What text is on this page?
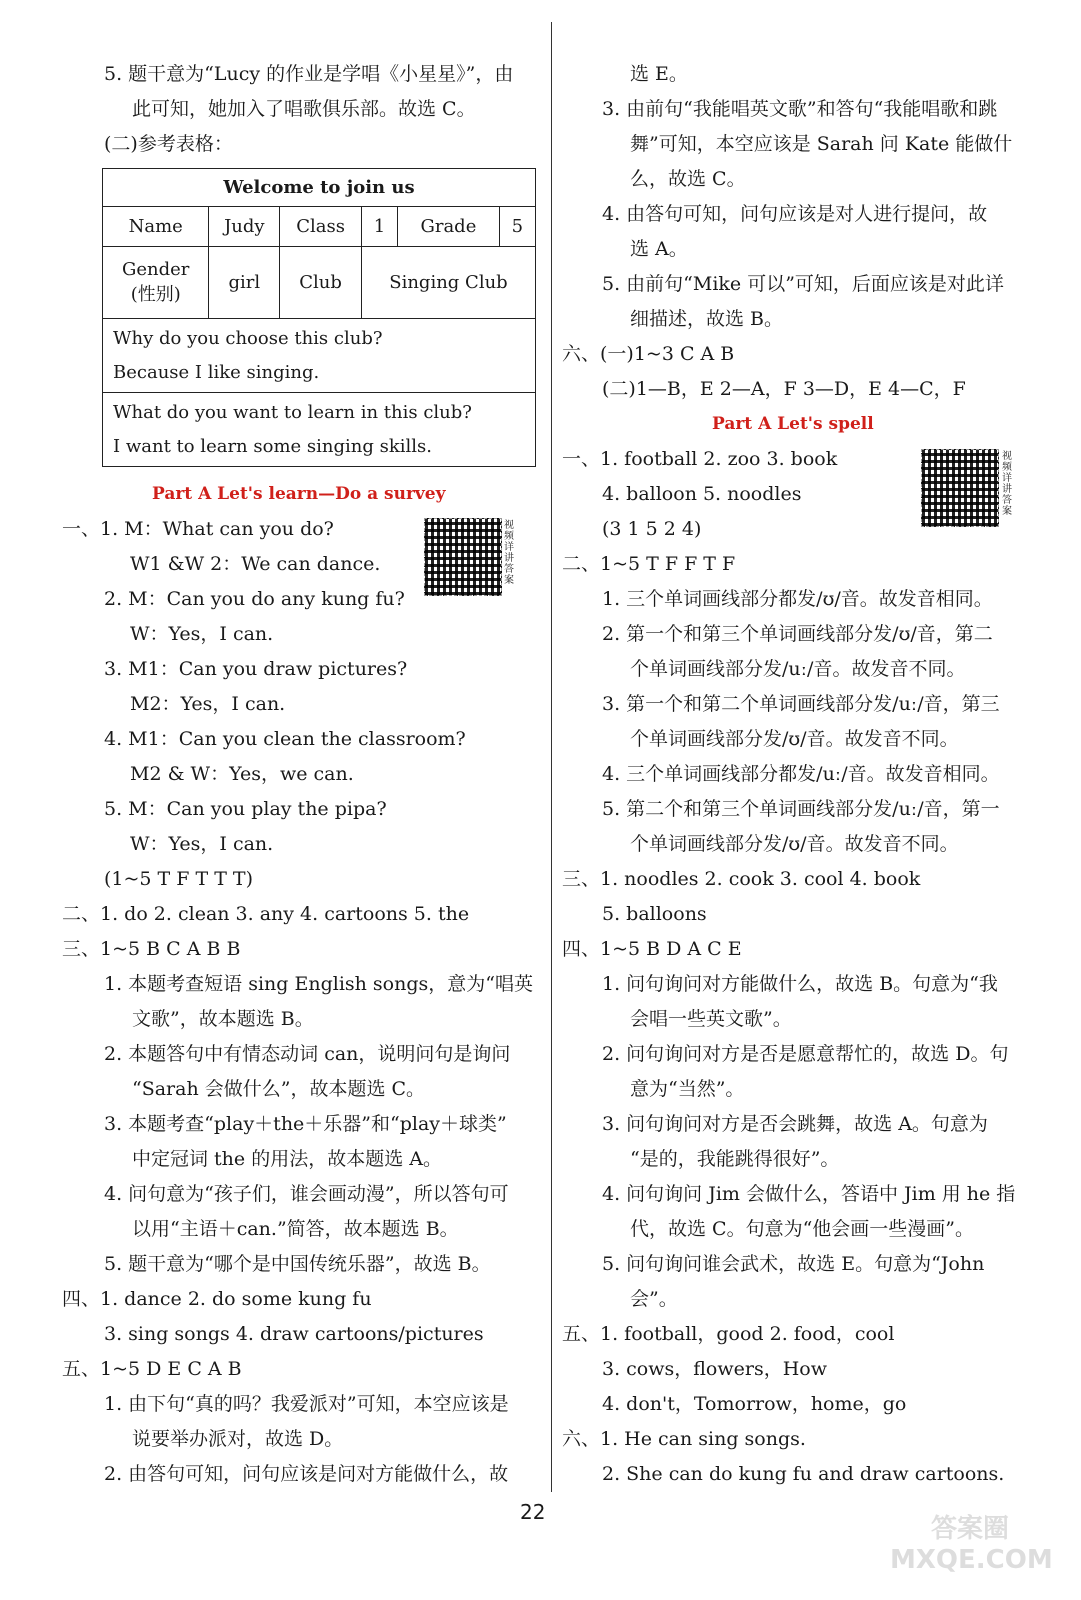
5. 题干意为“Lucy 的作业是学唱《小星星》”，由
此可知，她加入了唱歌俱乐部。故选 C。
(二)参考表格：
Part A Let's learn—Do a survey
一、1. M：What can you do?
W1 &W 2：We can dance.
2. M：Can you do any kung fu?
W：Yes，I can.
3. M1：Can you draw pictures?
M2：Yes，I can.
4. M1：Can you clean the classroom?
M2 & W：Yes，we can.
5. M：Can you play the pipa?
W：Yes，I can.
(1~5 T F T T T)
二、1. do 2. clean 3. any 4. cartoons 5. the
三、1~5 B C A B B
1. 本题考查短语 sing English songs，意为“唱英
文歌”，故本题选 B。
2. 本题答句中有情态动词 can，说明问句是询问
“Sarah 会做什么”，故本题选 C。
3. 本题考查“play＋the＋乐器”和“play＋球类”
中定冠词 the 的用法，故本题选 A。
4. 问句意为“孩子们，谁会画动漫”，所以答句可
以用“主语＋can.”简答，故本题选 B。
5. 题干意为“哪个是中国传统乐器”，故选 B。
四、1. dance 2. do some kung fu
3. sing songs 4. draw cartoons/pictures
五、1~5 D E C A B
1. 由下句“真的吗？我爱派对”可知，本空应该是
说要举办派对，故选 D。
2. 由答句可知，问句应该是问对方能做什么，故
Welcome to join us					
Name	Judy	Class	1	Grade	5

Gender
(性别)	girl	Club	Singing Club		

Why do you choose this club?
Because I like singing.					

What do you want to learn in this club?
I want to learn some singing skills.					
选 E。
3. 由前句“我能唱英文歌”和答句“我能唱歌和跳
舞”可知，本空应该是 Sarah 问 Kate 能做什
么，故选 C。
4. 由答句可知，问句应该是对人进行提问，故
选 A。
5. 由前句“Mike 可以”可知，后面应该是对此详
细描述，故选 B。
六、(一)1~3 C A B
(二)1—B，E 2—A，F 3—D，E 4—C，F
Part A Let's spell
一、1. football 2. zoo 3. book
4. balloon 5. noodles
(3 1 5 2 4)
二、1~5 T F F T F
1. 三个单词画线部分都发/ʊ/音。故发音相同。
2. 第一个和第三个单词画线部分发/ʊ/音，第二
个单词画线部分发/uː/音。故发音不同。
3. 第一个和第二个单词画线部分发/uː/音，第三
个单词画线部分发/ʊ/音。故发音不同。
4. 三个单词画线部分都发/uː/音。故发音相同。
5. 第二个和第三个单词画线部分发/uː/音，第一
个单词画线部分发/ʊ/音。故发音不同。
三、1. noodles 2. cook 3. cool 4. book
5. balloons
四、1~5 B D A C E
1. 问句询问对方能做什么，故选 B。句意为“我
会唱一些英文歌”。
2. 问句询问对方是否是愿意帮忙的，故选 D。句
意为“当然”。
3. 问句询问对方是否会跳舞，故选 A。句意为
“是的，我能跳得很好”。
4. 问句询问 Jim 会做什么，答语中 Jim 用 he 指
代，故选 C。句意为“他会画一些漫画”。
5. 问句询问谁会武术，故选 E。句意为“John
会”。
五、1. football，good 2. food，cool
3. cows，flowers，How
4. don't，Tomorrow，home，go
六、1. He can sing songs.
2. She can do kung fu and draw cartoons.
视频详讲答案
视频详讲答案
22
答案圈 MXQE.COM
